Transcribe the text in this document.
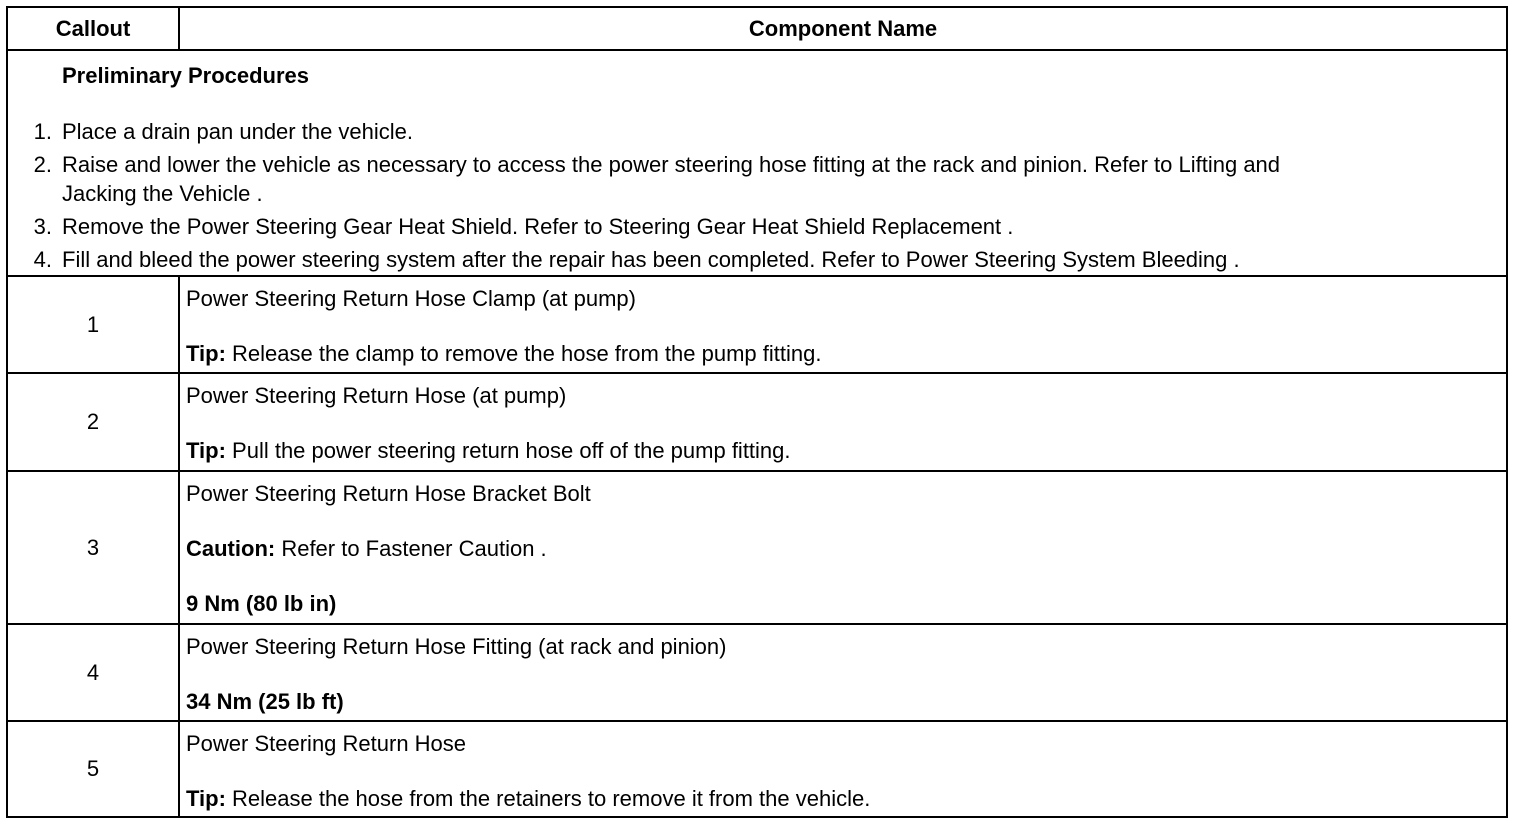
Callout	Component Name
Preliminary Procedures
1. Place a drain pan under the vehicle.
2. Raise and lower the vehicle as necessary to access the power steering hose fitting at the rack and pinion. Refer to Lifting and
Jacking the Vehicle .
3. Remove the Power Steering Gear Heat Shield. Refer to Steering Gear Heat Shield Replacement .
4. Fill and bleed the power steering system after the repair has been completed. Refer to Power Steering System Bleeding .
1
Power Steering Return Hose Clamp (at pump)
Tip: Release the clamp to remove the hose from the pump fitting.
2
Power Steering Return Hose (at pump)
Tip: Pull the power steering return hose off of the pump fitting.
3
Power Steering Return Hose Bracket Bolt
Caution: Refer to Fastener Caution .
9 Nm (80 lb in)
4
Power Steering Return Hose Fitting (at rack and pinion)
34 Nm (25 lb ft)
5
Power Steering Return Hose
Tip: Release the hose from the retainers to remove it from the vehicle.
